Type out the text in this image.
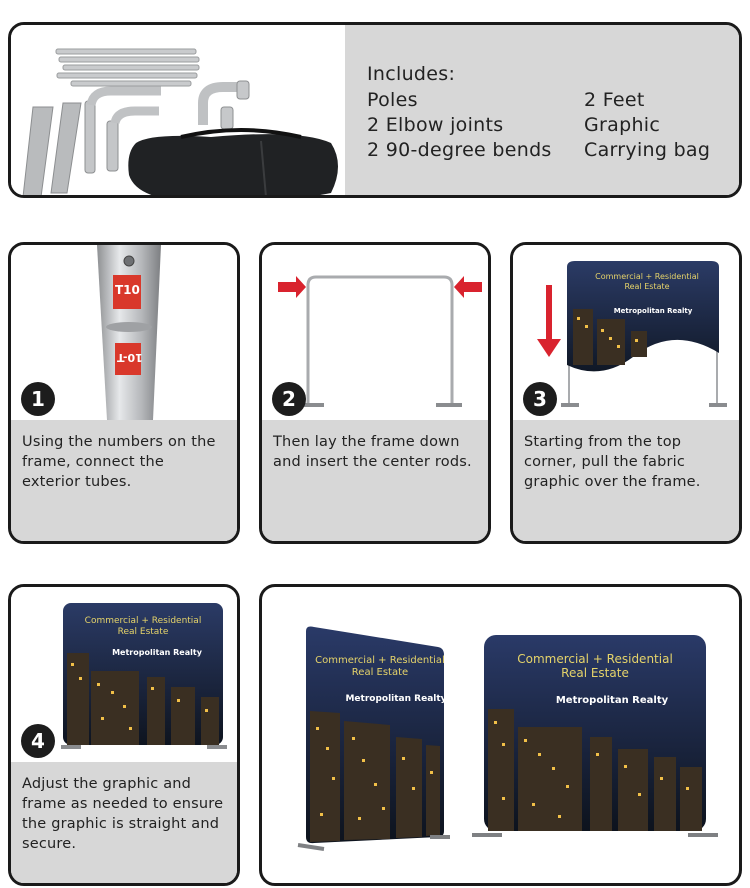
Includes:
Poles
2 Elbow joints
2 90-degree bends
2 Feet
Graphic
Carrying bag
T10
10-T
1

Using the numbers on the frame, connect the exterior tubes.

2

Then lay the frame down and insert the center rods.

Commercial + Residential
Real Estate
Metropolitan Realty
3

Starting from the top corner, pull the fabric graphic over the frame.

Commercial + Residential
Real Estate
Metropolitan Realty
4

Adjust the graphic and frame as needed to ensure the graphic is straight and secure.

Commercial + Residential
Real Estate
Metropolitan Realty
Commercial + Residential
Real Estate
Metropolitan Realty
